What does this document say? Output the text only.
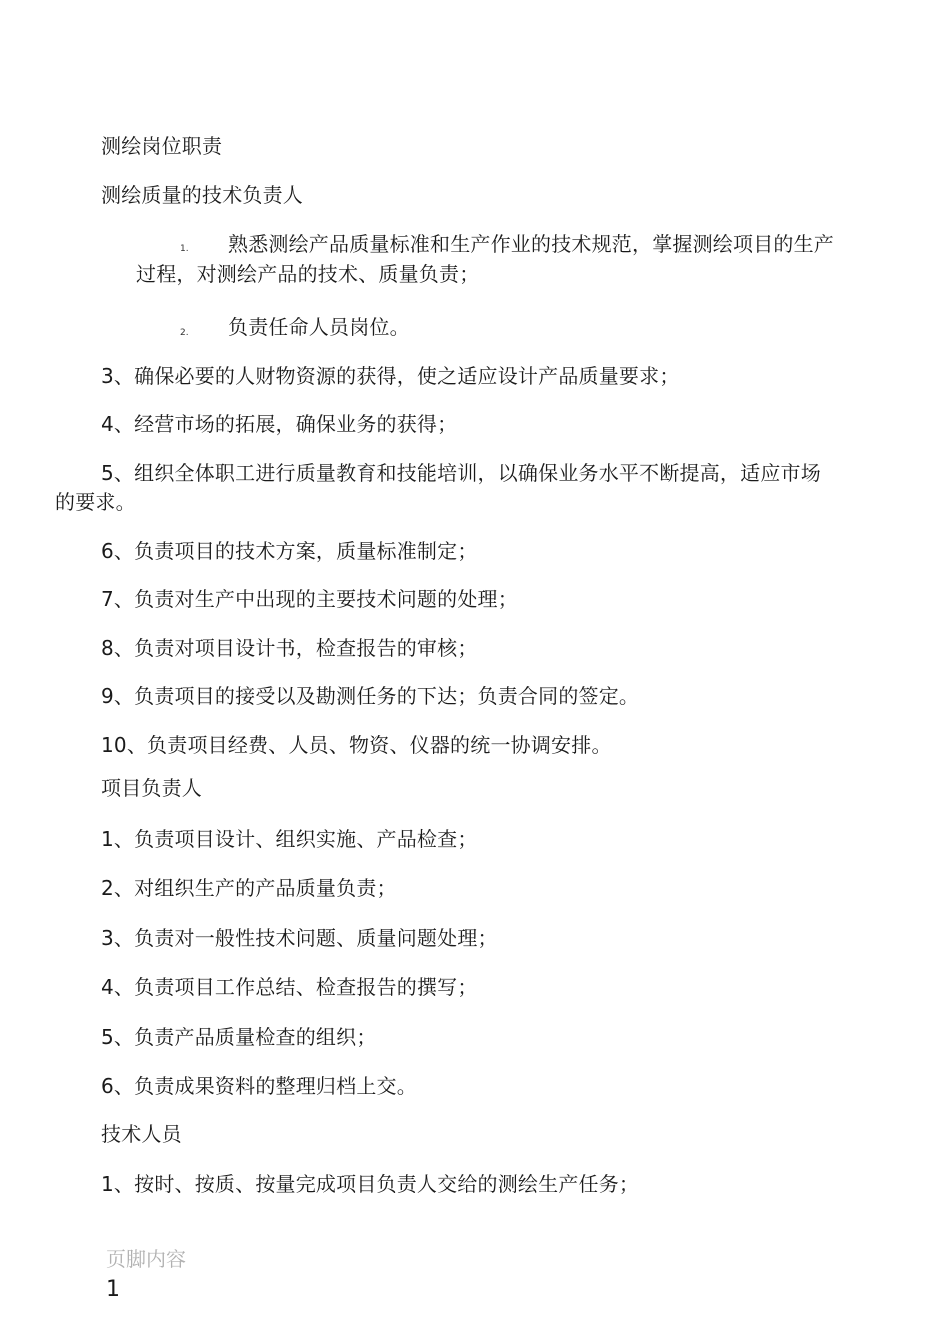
测绘岗位职责
测绘质量的技术负责人
1. 熟悉测绘产品质量标准和生产作业的技术规范，掌握测绘项目的生产
过程，对测绘产品的技术、质量负责；
2. 负责任命人员岗位。
3、确保必要的人财物资源的获得，使之适应设计产品质量要求；
4、经营市场的拓展，确保业务的获得；
5、组织全体职工进行质量教育和技能培训，以确保业务水平不断提高，适应市场
的要求。
6、负责项目的技术方案，质量标准制定；
7、负责对生产中出现的主要技术问题的处理；
8、负责对项目设计书，检查报告的审核；
9、负责项目的接受以及勘测任务的下达；负责合同的签定。
10、负责项目经费、人员、物资、仪器的统一协调安排。
项目负责人
1、负责项目设计、组织实施、产品检查；
2、对组织生产的产品质量负责；
3、负责对一般性技术问题、质量问题处理；
4、负责项目工作总结、检查报告的撰写；
5、负责产品质量检查的组织；
6、负责成果资料的整理归档上交。
技术人员
1、按时、按质、按量完成项目负责人交给的测绘生产任务；
页脚内容
1
